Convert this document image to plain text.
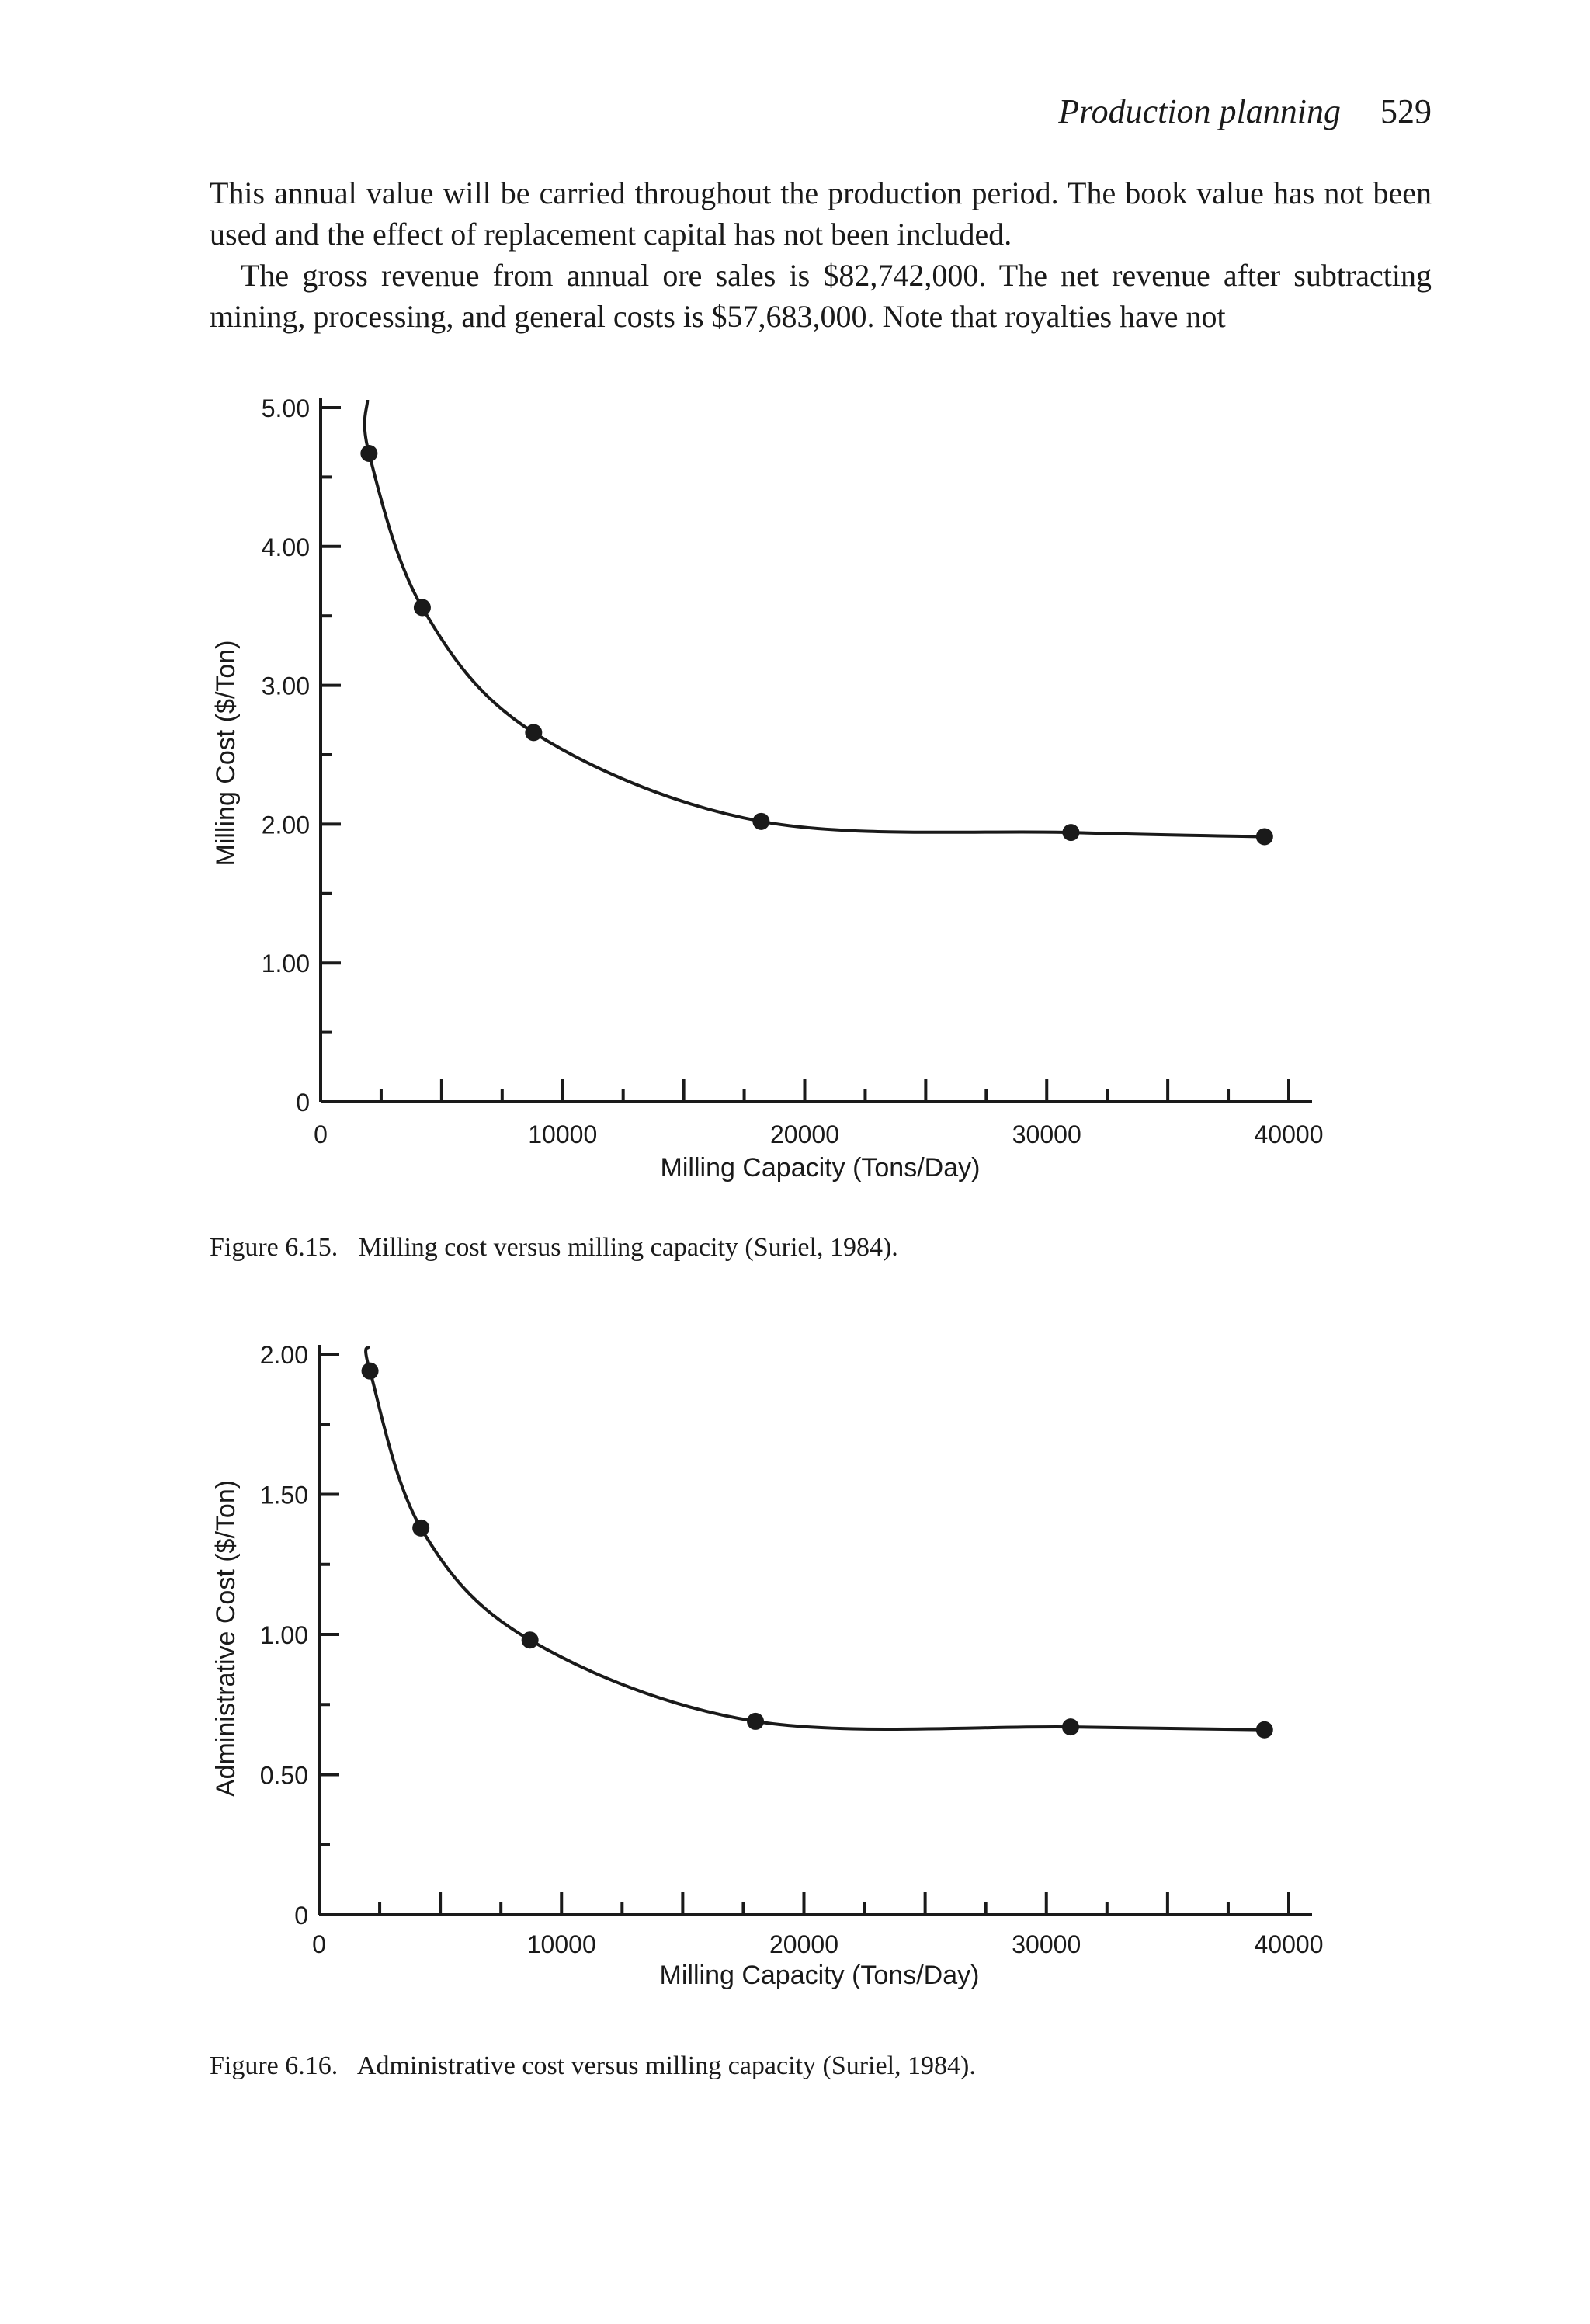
Production planning 529

This annual value will be carried throughout the production period. The book value has not been used and the effect of replacement capital has not been included.

The gross revenue from annual ore sales is $82,742,000. The net revenue after subtracting mining, processing, and general costs is $57,683,000. Note that royalties have not

0
1.00
2.00
3.00
4.00
5.00
0	10000	20000	30000	40000
Milling Capacity (Tons/Day)
Milling Cost ($/Ton)
Figure 6.15. Milling cost versus milling capacity (Suriel, 1984).
0
0.50
1.00
1.50
2.00
0	10000	20000	30000	40000
Milling Capacity (Tons/Day)
Administrative Cost ($/Ton)
Figure 6.16. Administrative cost versus milling capacity (Suriel, 1984).
